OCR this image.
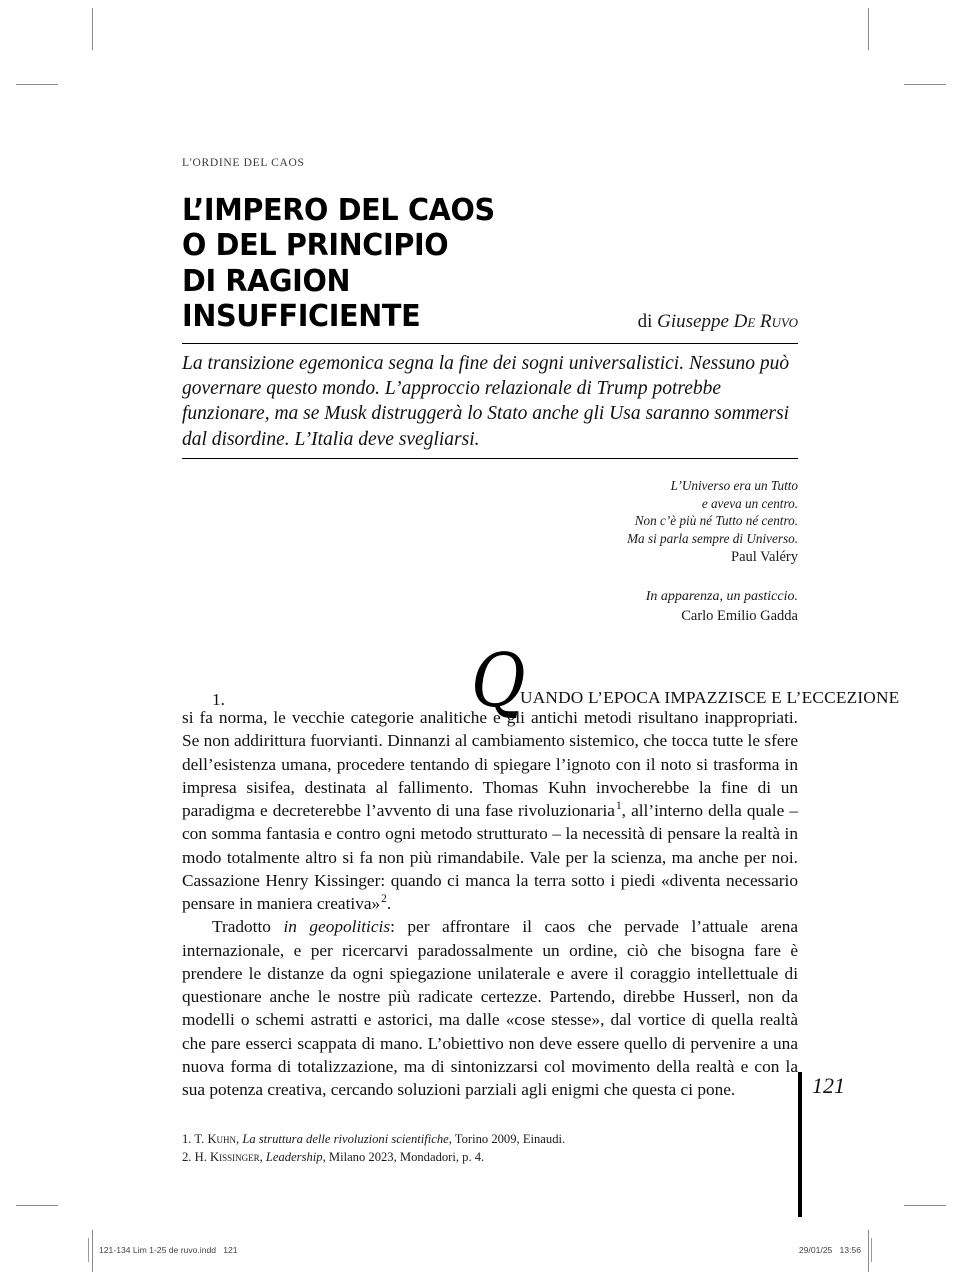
L'ORDINE DEL CAOS
L’IMPERO DEL CAOS
O DEL PRINCIPIO
DI RAGION INSUFFICIENTE	di Giuseppe De Ruvo

La transizione egemonica segna la fine dei sogni universalistici. Nessuno può governare questo mondo. L’approccio relazionale di Trump potrebbe funzionare, ma se Musk distruggerà lo Stato anche gli Usa saranno sommersi dal disordine. L’Italia deve svegliarsi.

L’Universo era un Tutto
e aveva un centro.
Non c’è più né Tutto né centro.
Ma si parla sempre di Universo.
Paul Valéry
In apparenza, un pasticcio.
Carlo Emilio Gadda
1.	Q
UANDO L’EPOCA IMPAZZISCE E L’ECCEZIONE

si fa norma, le vecchie categorie analitiche e gli antichi metodi risultano inappropriati. Se non addirittura fuorvianti. Dinnanzi al cambiamento sistemico, che tocca tutte le sfere dell’esistenza umana, procedere tentando di spiegare l’ignoto con il noto si trasforma in impresa sisifea, destinata al fallimento. Thomas Kuhn invocherebbe la fine di un paradigma e decreterebbe l’avvento di una fase rivoluzionaria$^1$, all’interno della quale – con somma fantasia e contro ogni metodo strutturato – la necessità di pensare la realtà in modo totalmente altro si fa non più rimandabile. Vale per la scienza, ma anche per noi. Cassazione Henry Kissinger: quando ci manca la terra sotto i piedi «diventa necessario pensare in maniera creativa»$^2$.

Tradotto in geopoliticis: per affrontare il caos che pervade l’attuale arena internazionale, e per ricercarvi paradossalmente un ordine, ciò che bisogna fare è prendere le distanze da ogni spiegazione unilaterale e avere il coraggio intellettuale di questionare anche le nostre più radicate certezze. Partendo, direbbe Husserl, non da modelli o schemi astratti e astorici, ma dalle «cose stesse», dal vortice di quella realtà che pare esserci scappata di mano. L’obiettivo non deve essere quello di pervenire a una nuova forma di totalizzazione, ma di sintonizzarsi col movimento della realtà e con la sua potenza creativa, cercando soluzioni parziali agli enigmi che questa ci pone.

1. T. Kuhn, La struttura delle rivoluzioni scientifiche, Torino 2009, Einaudi.
2. H. Kissinger, Leadership, Milano 2023, Mondadori, p. 4.
121
121-134 Lim 1-25 de ruvo.indd   121	29/01/25   13:56
